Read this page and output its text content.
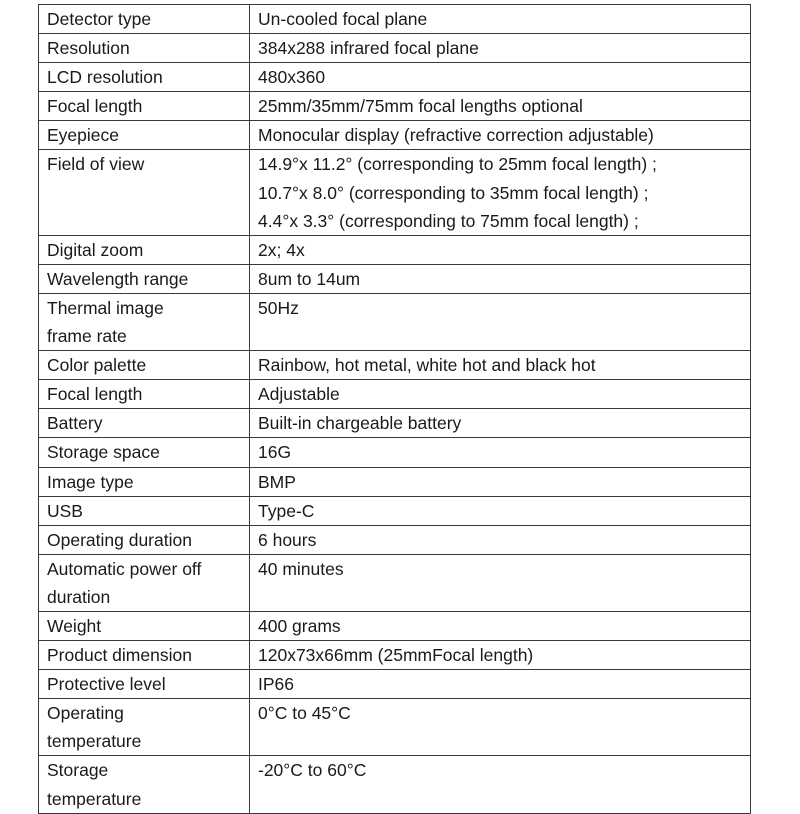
Detector type	Un-cooled focal plane
Resolution	384x288 infrared focal plane
LCD resolution	480x360
Focal length	25mm/35mm/75mm focal lengths optional
Eyepiece	Monocular display (refractive correction adjustable)
Field of view	14.9°x 11.2° (corresponding to 25mm focal length) ;
10.7°x 8.0° (corresponding to 35mm focal length) ;
4.4°x 3.3° (corresponding to 75mm focal length) ;
Digital zoom	2x; 4x
Wavelength range	8um to 14um
Thermal image
frame rate	50Hz
Color palette	Rainbow, hot metal, white hot and black hot
Focal length	Adjustable
Battery	Built-in chargeable battery
Storage space	16G
Image type	BMP
USB	Type-C
Operating duration	6 hours
Automatic power off
duration	40 minutes
Weight	400 grams
Product dimension	120x73x66mm (25mmFocal length)
Protective level	IP66
Operating
temperature	0°C to 45°C
Storage
temperature	-20°C to 60°C
